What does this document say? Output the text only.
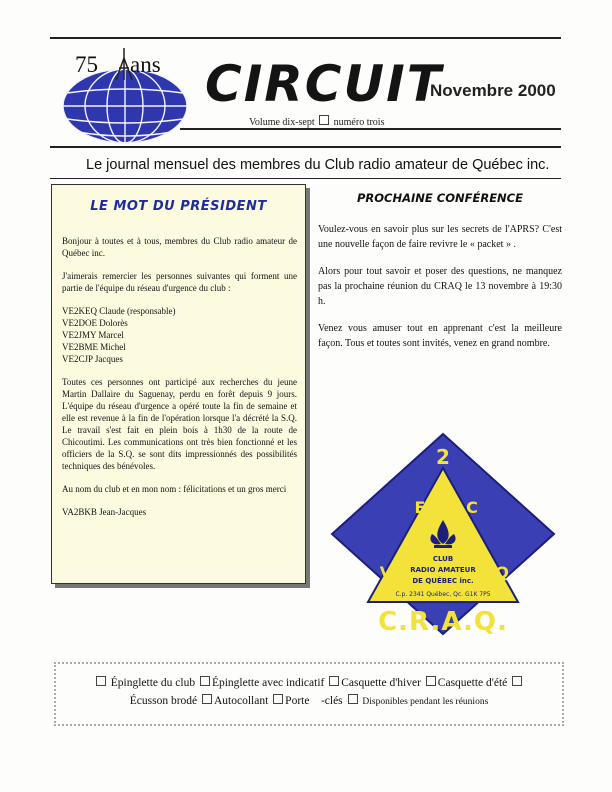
75 ans CIRCUIT
Novembre 2000
Volume dix-sept numéro trois
Le journal mensuel des membres du Club radio amateur de Québec inc.
LE MOT DU PRÉSIDENT

Bonjour à toutes et à tous, membres du Club radio amateur de Québec inc.

J'aimerais remercier les personnes suivantes qui forment une partie de l'équipe du réseau d'urgence du club :

VE2KEQ Claude (responsable)
VE2DOE Dolorès
VE2JMY Marcel
VE2BME Michel
VE2CJP Jacques

Toutes ces personnes ont participé aux recherches du jeune Martin Dallaire du Saguenay, perdu en forêt depuis 9 jours. L'équipe du réseau d'urgence a opéré toute la fin de semaine et elle est revenue à la fin de l'opération lorsque l'a décrété la S.Q. Le travail s'est fait en plein bois à 1h30 de la route de Chicoutimi. Les communications ont très bien fonctionné et les officiers de la S.Q. se sont dits impressionnés des possibilités techniques des bénévoles.

Au nom du club et en mon nom : félicitations et un gros merci

VA2BKB Jean-Jacques

PROCHAINE CONFÉRENCE

Voulez-vous en savoir plus sur les secrets de l'APRS? C'est une nouvelle façon de faire revivre le « packet » .

Alors pour tout savoir et poser des questions, ne manquez pas la prochaine réunion du CRAQ le 13 novembre à 19:30 h.

Venez vous amuser tout en apprenant c'est la meilleure façon. Tous et toutes sont invités, venez en grand nombre.

2
E	C
V	Q
CLUB
RADIO AMATEUR
DE QUÉBEC inc.
C.p. 2341 Québec, Qc. G1K 7P5
C.R.A.Q.
Épinglette du club Épinglette avec indicatif Casquette d'hiver Casquette d'été
Écusson brodé Autocollant Porte    -clés Disponibles pendant les réunions
